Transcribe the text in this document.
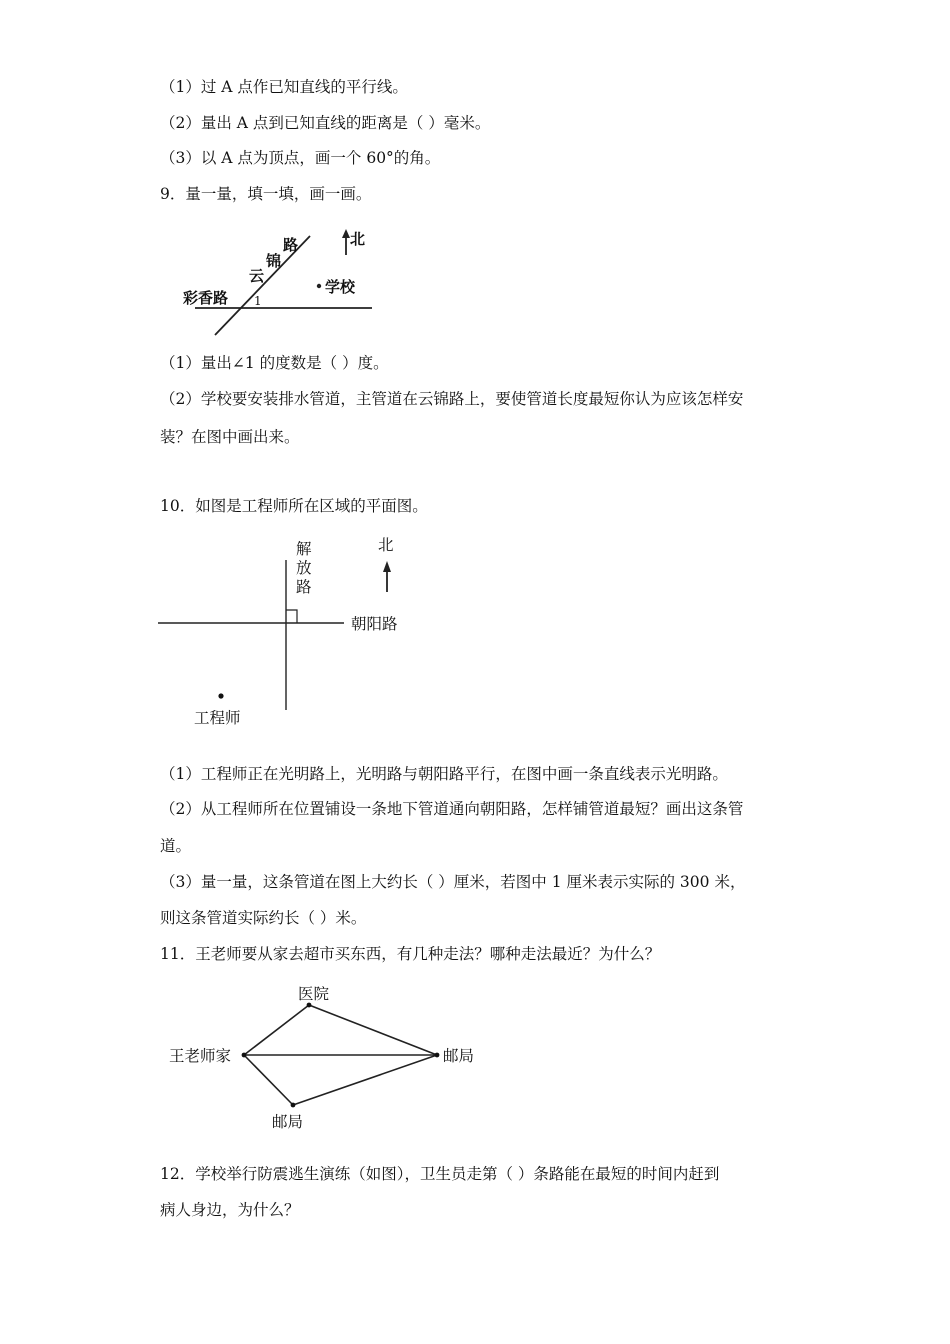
（1）过 A 点作已知直线的平行线。
（2）量出 A 点到已知直线的距离是（ ）毫米。
（3）以 A 点为顶点，画一个 60°的角。
9．量一量，填一填，画一画。
路
锦
云
彩香路 1
北
学校
（1）量出∠1 的度数是（ ）度。
（2）学校要安装排水管道，主管道在云锦路上，要使管道长度最短你认为应该怎样安
装？在图中画出来。
10．如图是工程师所在区域的平面图。
解
放
路
朝阳路
北
工程师
（1）工程师正在光明路上，光明路与朝阳路平行，在图中画一条直线表示光明路。
（2）从工程师所在位置铺设一条地下管道通向朝阳路，怎样铺管道最短？画出这条管
道。
（3）量一量，这条管道在图上大约长（ ）厘米，若图中 1 厘米表示实际的 300 米，
则这条管道实际约长（ ）米。
11．王老师要从家去超市买东西，有几种走法？哪种走法最近？为什么？
王老师家
医院
邮局
邮局
12．学校举行防震逃生演练（如图），卫生员走第（ ）条路能在最短的时间内赶到
病人身边，为什么？
